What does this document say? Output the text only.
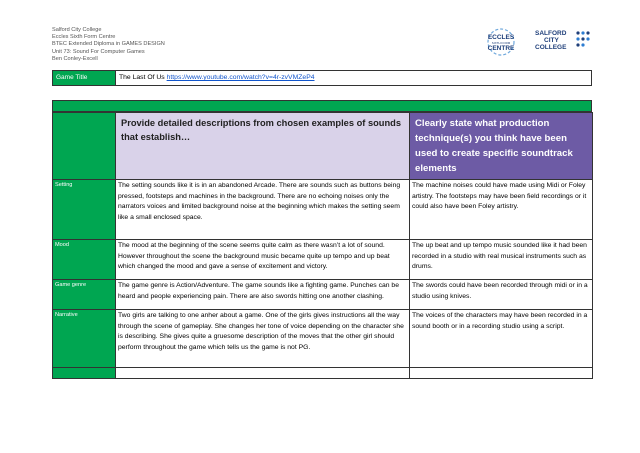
Salford City College
Eccles Sixth Form Centre
BTEC Extended Diploma in GAMES DESIGN
Unit 73: Sound For Computer Games
Ben Conley-Excell
ECCLES
SIXTH FORM
CENTRE
SALFORD
CITY
COLLEGE
Game Title	The Last Of Us https://www.youtube.com/watch?v=4r-zvVMZeP4
	Provide detailed descriptions from chosen examples of sounds that establish…	Clearly state what production technique(s) you think have been used to create specific soundtrack elements
Setting	The setting sounds like it is in an abandoned Arcade. There are sounds such as buttons being pressed, footsteps and machines in the background. There are no echoing noises only the narrators voices and limited background noise at the beginning which makes the setting seem like a small enclosed space.	The machine noises could have made using Midi or Foley artistry. The footsteps may have been field recordings or it could also have been Foley artistry.
Mood	The mood at the beginning of the scene seems quite calm as there wasn’t a lot of sound. However throughout the scene the background music became quite up tempo and up beat which changed the mood and gave a sense of excitement and victory.	The up beat and up tempo music sounded like it had been recorded in a studio with real musical instruments such as drums.
Game genre	The game genre is Action/Adventure. The game sounds like a fighting game. Punches can be heard and people experiencing pain. There are also swords hitting one another clashing.	The swords could have been recorded through midi or in a studio using knives.
Narrative	Two girls are talking to one anher about a game. One of the girls gives instructions all the way through the scene of gameplay. She changes her tone of voice depending on the character she is describing. She gives quite a gruesome description of the moves that the other girl should perform throughout the game which tells us the game is not PG.	The voices of the characters may have been recorded in a sound booth or in a recording studio using a script.
